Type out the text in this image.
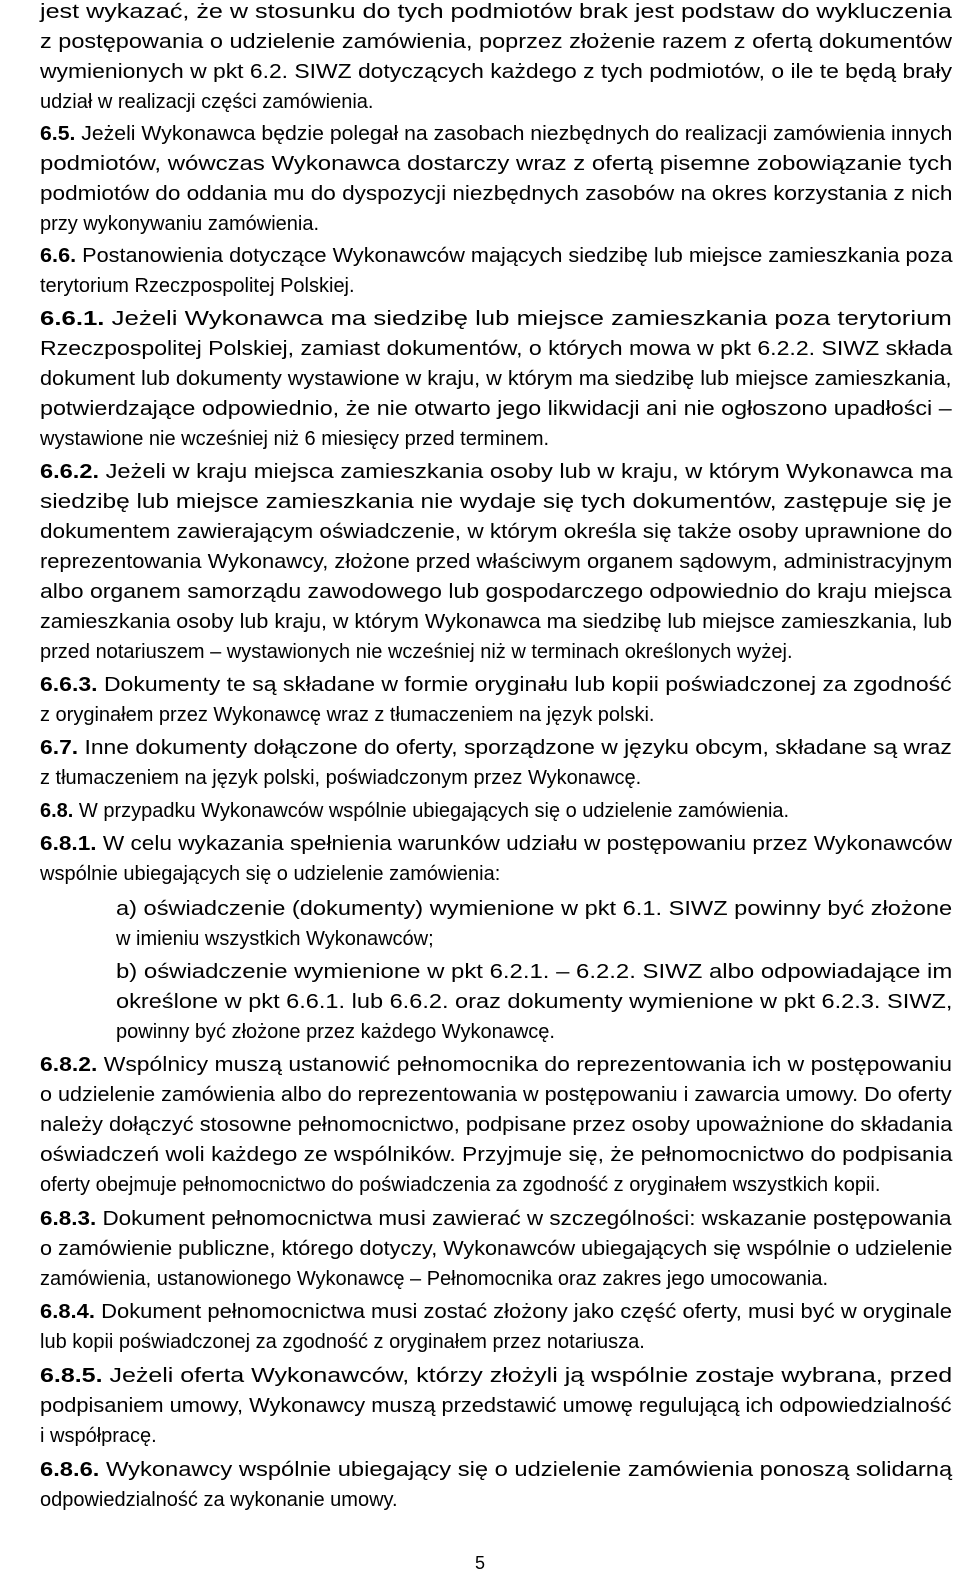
5
jest wykazać, że w stosunku do tych podmiotów brak jest podstaw do wykluczenia
z postępowania o udzielenie zamówienia, poprzez złożenie razem z ofertą dokumentów
wymienionych w pkt 6.2. SIWZ dotyczących każdego z tych podmiotów, o ile te będą brały
udział w realizacji części zamówienia.
6.5. Jeżeli Wykonawca będzie polegał na zasobach niezbędnych do realizacji zamówienia innych
podmiotów, wówczas Wykonawca dostarczy wraz z ofertą pisemne zobowiązanie tych
podmiotów do oddania mu do dyspozycji niezbędnych zasobów na okres korzystania z nich
przy wykonywaniu zamówienia.
6.6. Postanowienia dotyczące Wykonawców mających siedzibę lub miejsce zamieszkania poza
terytorium Rzeczpospolitej Polskiej.
6.6.1. Jeżeli Wykonawca ma siedzibę lub miejsce zamieszkania poza terytorium
Rzeczpospolitej Polskiej, zamiast dokumentów, o których mowa w pkt 6.2.2. SIWZ składa
dokument lub dokumenty wystawione w kraju, w którym ma siedzibę lub miejsce zamieszkania,
potwierdzające odpowiednio, że nie otwarto jego likwidacji ani nie ogłoszono upadłości –
wystawione nie wcześniej niż 6 miesięcy przed terminem.
6.6.2. Jeżeli w kraju miejsca zamieszkania osoby lub w kraju, w którym Wykonawca ma
siedzibę lub miejsce zamieszkania nie wydaje się tych dokumentów, zastępuje się je
dokumentem zawierającym oświadczenie, w którym określa się także osoby uprawnione do
reprezentowania Wykonawcy, złożone przed właściwym organem sądowym, administracyjnym
albo organem samorządu zawodowego lub gospodarczego odpowiednio do kraju miejsca
zamieszkania osoby lub kraju, w którym Wykonawca ma siedzibę lub miejsce zamieszkania, lub
przed notariuszem – wystawionych nie wcześniej niż w terminach określonych wyżej.
6.6.3. Dokumenty te są składane w formie oryginału lub kopii poświadczonej za zgodność
z oryginałem przez Wykonawcę wraz z tłumaczeniem na język polski.
6.7. Inne dokumenty dołączone do oferty, sporządzone w języku obcym, składane są wraz
z tłumaczeniem na język polski, poświadczonym przez Wykonawcę.
6.8. W przypadku Wykonawców wspólnie ubiegających się o udzielenie zamówienia.
6.8.1. W celu wykazania spełnienia warunków udziału w postępowaniu przez Wykonawców
wspólnie ubiegających się o udzielenie zamówienia:
a) oświadczenie (dokumenty) wymienione w pkt 6.1. SIWZ powinny być złożone
w imieniu wszystkich Wykonawców;
b) oświadczenie wymienione w pkt 6.2.1. – 6.2.2. SIWZ albo odpowiadające im
określone w pkt 6.6.1. lub 6.6.2. oraz dokumenty wymienione w pkt 6.2.3. SIWZ,
powinny być złożone przez każdego Wykonawcę.
6.8.2. Wspólnicy muszą ustanowić pełnomocnika do reprezentowania ich w postępowaniu
o udzielenie zamówienia albo do reprezentowania w postępowaniu i zawarcia umowy. Do oferty
należy dołączyć stosowne pełnomocnictwo, podpisane przez osoby upoważnione do składania
oświadczeń woli każdego ze wspólników. Przyjmuje się, że pełnomocnictwo do podpisania
oferty obejmuje pełnomocnictwo do poświadczenia za zgodność z oryginałem wszystkich kopii.
6.8.3. Dokument pełnomocnictwa musi zawierać w szczególności: wskazanie postępowania
o zamówienie publiczne, którego dotyczy, Wykonawców ubiegających się wspólnie o udzielenie
zamówienia, ustanowionego Wykonawcę – Pełnomocnika oraz zakres jego umocowania.
6.8.4. Dokument pełnomocnictwa musi zostać złożony jako część oferty, musi być w oryginale
lub kopii poświadczonej za zgodność z oryginałem przez notariusza.
6.8.5. Jeżeli oferta Wykonawców, którzy złożyli ją wspólnie zostaje wybrana, przed
podpisaniem umowy, Wykonawcy muszą przedstawić umowę regulującą ich odpowiedzialność
i współpracę.
6.8.6. Wykonawcy wspólnie ubiegający się o udzielenie zamówienia ponoszą solidarną
odpowiedzialność za wykonanie umowy.
